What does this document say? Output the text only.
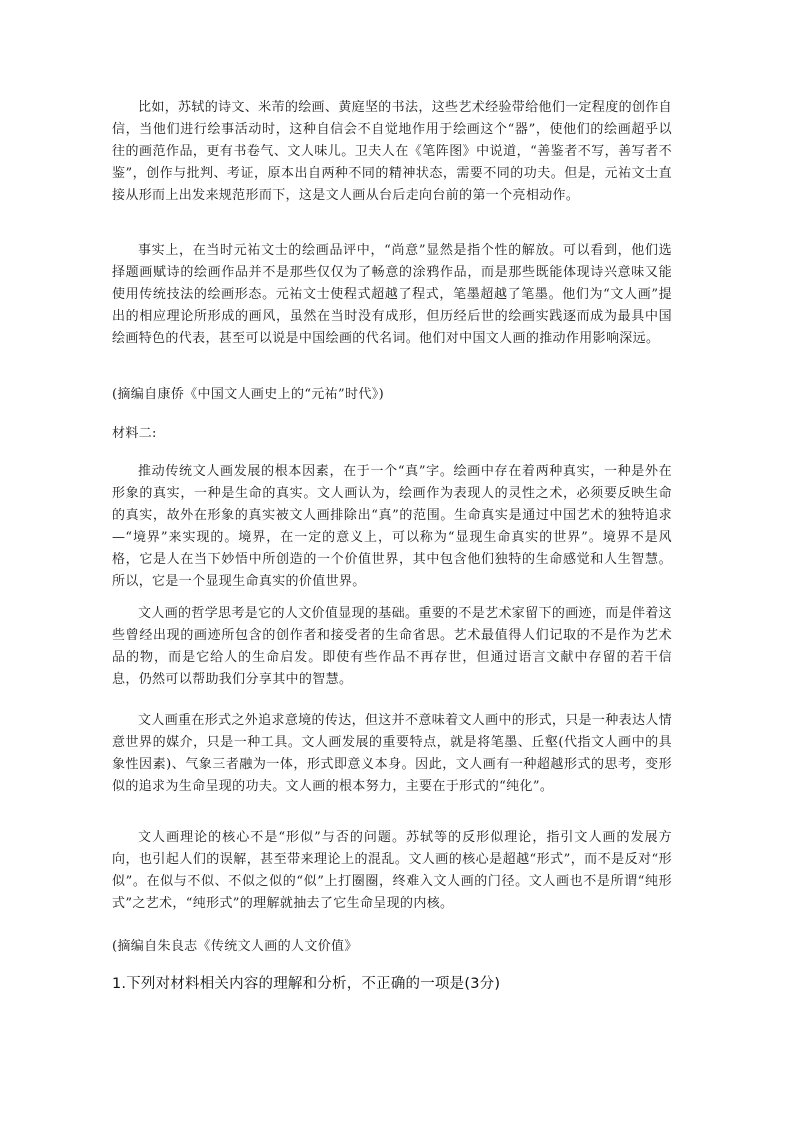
比如，苏轼的诗文、米芾的绘画、黄庭坚的书法，这些艺术经验带给他们一定程度的创作自信，当他们进行绘事活动时，这种自信会不自觉地作用于绘画这个“器”，使他们的绘画超乎以往的画范作品，更有书卷气、文人味儿。卫夫人在《笔阵图》中说道，“善鉴者不写，善写者不鉴”，创作与批判、考证，原本出自两种不同的精神状态，需要不同的功夫。但是，元祐文士直接从形而上出发来规范形而下，这是文人画从台后走向台前的第一个亮相动作。

事实上，在当时元祐文士的绘画品评中，“尚意”显然是指个性的解放。可以看到，他们选择题画赋诗的绘画作品并不是那些仅仅为了畅意的涂鸦作品，而是那些既能体现诗兴意味又能使用传统技法的绘画形态。元祐文士使程式超越了程式，笔墨超越了笔墨。他们为“文人画”提出的相应理论所形成的画风，虽然在当时没有成形，但历经后世的绘画实践逐而成为最具中国绘画特色的代表，甚至可以说是中国绘画的代名词。他们对中国文人画的推动作用影响深远。

(摘编自康侨《中国文人画史上的“元祐”时代》)

材料二:

推动传统文人画发展的根本因素，在于一个“真”字。绘画中存在着两种真实，一种是外在形象的真实，一种是生命的真实。文人画认为，绘画作为表现人的灵性之术，必须要反映生命的真实，故外在形象的真实被文人画排除出“真”的范围。生命真实是通过中国艺术的独特追求—“境界”来实现的。境界，在一定的意义上，可以称为“显现生命真实的世界”。境界不是风格，它是人在当下妙悟中所创造的一个价值世界，其中包含他们独特的生命感觉和人生智慧。所以，它是一个显现生命真实的价值世界。

文人画的哲学思考是它的人文价值显现的基础。重要的不是艺术家留下的画迹，而是伴着这些曾经出现的画迹所包含的创作者和接受者的生命省思。艺术最值得人们记取的不是作为艺术品的物，而是它给人的生命启发。即使有些作品不再存世，但通过语言文献中存留的若干信息，仍然可以帮助我们分享其中的智慧。

文人画重在形式之外追求意境的传达，但这并不意味着文人画中的形式，只是一种表达人情意世界的媒介，只是一种工具。文人画发展的重要特点，就是将笔墨、丘壑(代指文人画中的具象性因素)、气象三者融为一体，形式即意义本身。因此，文人画有一种超越形式的思考，变形似的追求为生命呈现的功夫。文人画的根本努力，主要在于形式的“纯化”。

文人画理论的核心不是“形似”与否的问题。苏轼等的反形似理论，指引文人画的发展方向，也引起人们的误解，甚至带来理论上的混乱。文人画的核心是超越“形式”，而不是反对“形似”。在似与不似、不似之似的“似”上打圈圈，终难入文人画的门径。文人画也不是所谓“纯形式”之艺术，“纯形式”的理解就抽去了它生命呈现的内核。

(摘编自朱良志《传统文人画的人文价值》

1.下列对材料相关内容的理解和分析，不正确的一项是(3分)
